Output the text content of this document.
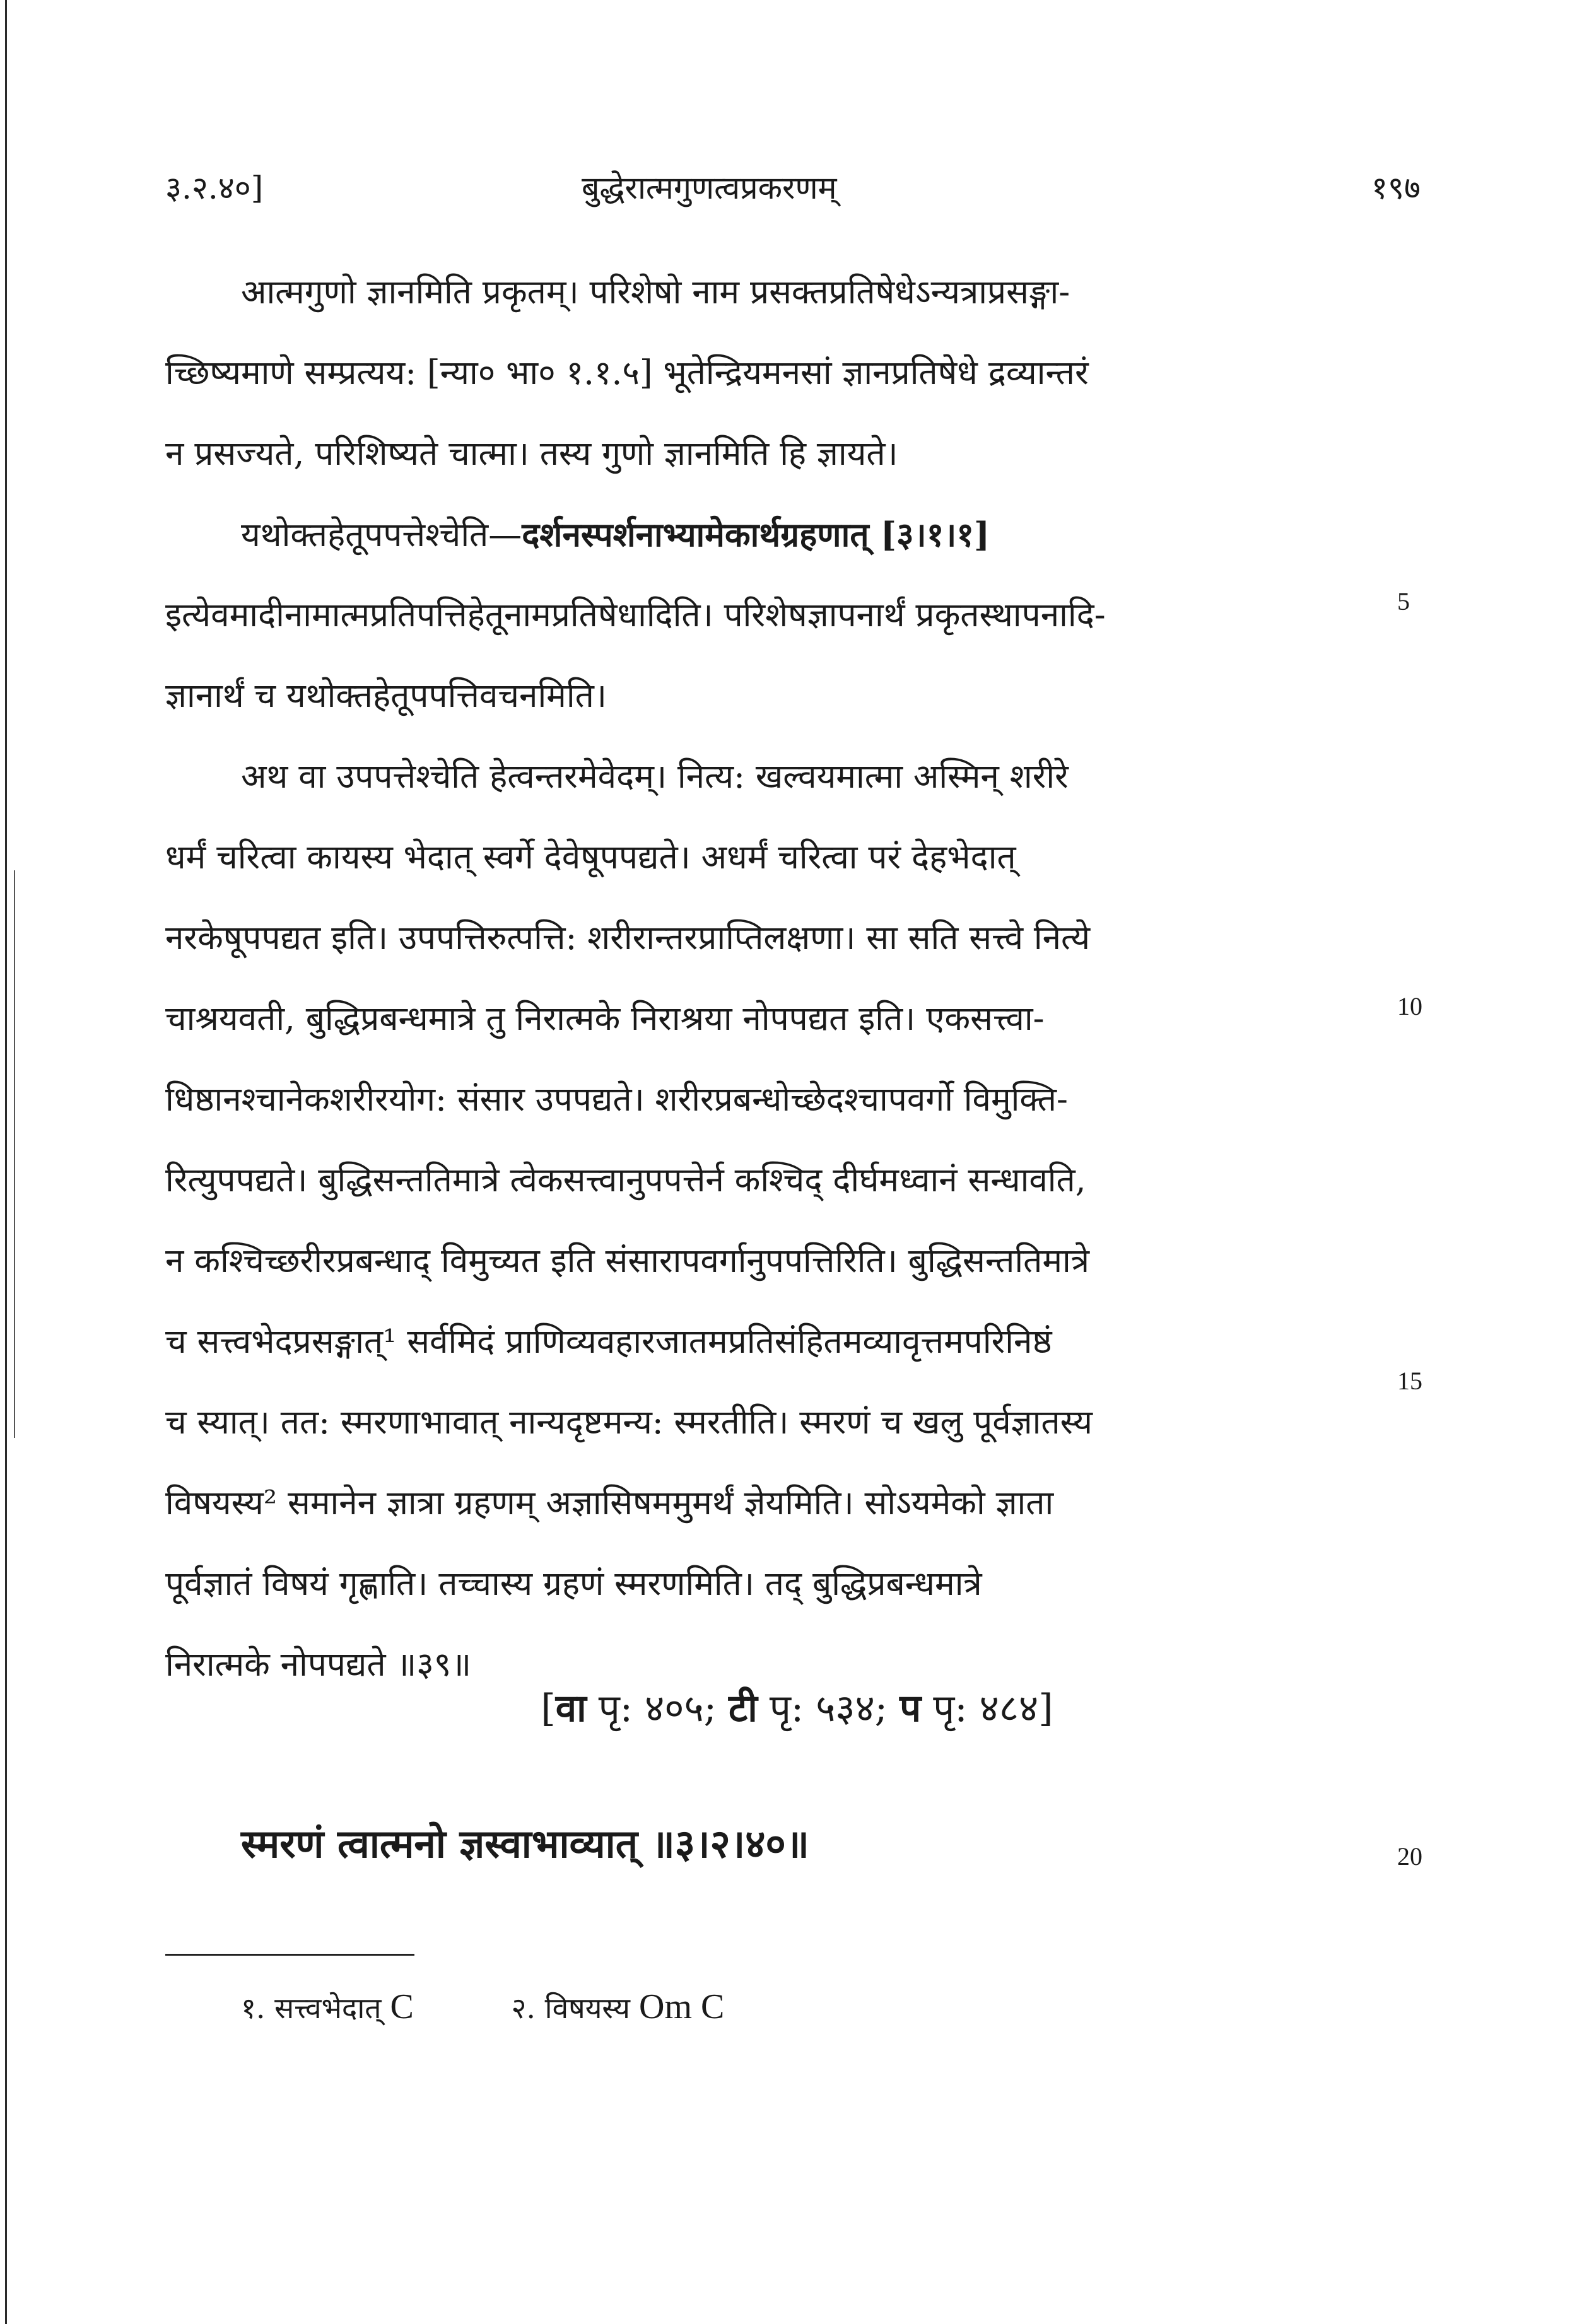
३.२.४०]	बुद्धेरात्मगुणत्वप्रकरणम्	१९७
आत्मगुणो ज्ञानमिति प्रकृतम्। परिशेषो नाम प्रसक्तप्रतिषेधेऽन्यत्राप्रसङ्गा-
च्छिष्यमाणे सम्प्रत्यय: [न्या० भा० १.१.५] भूतेन्द्रियमनसां ज्ञानप्रतिषेधे द्रव्यान्तरं
न प्रसज्यते, परिशिष्यते चात्मा। तस्य गुणो ज्ञानमिति हि ज्ञायते।
यथोक्तहेतूपपत्तेश्चेति—दर्शनस्पर्शनाभ्यामेकार्थग्रहणात् [३।१।१]
इत्येवमादीनामात्मप्रतिपत्तिहेतूनामप्रतिषेधादिति। परिशेषज्ञापनार्थं प्रकृतस्थापनादि-
ज्ञानार्थं च यथोक्तहेतूपपत्तिवचनमिति।
अथ वा उपपत्तेश्चेति हेत्वन्तरमेवेदम्। नित्य: खल्वयमात्मा अस्मिन् शरीरे
धर्मं चरित्वा कायस्य भेदात् स्वर्गे देवेषूपपद्यते। अधर्मं चरित्वा परं देहभेदात्
नरकेषूपपद्यत इति। उपपत्तिरुत्पत्ति: शरीरान्तरप्राप्तिलक्षणा। सा सति सत्त्वे नित्ये
चाश्रयवती, बुद्धिप्रबन्धमात्रे तु निरात्मके निराश्रया नोपपद्यत इति। एकसत्त्वा-
धिष्ठानश्चानेकशरीरयोग: संसार उपपद्यते। शरीरप्रबन्धोच्छेदश्चापवर्गो विमुक्ति-
रित्युपपद्यते। बुद्धिसन्ततिमात्रे त्वेकसत्त्वानुपपत्तेर्न कश्चिद् दीर्घमध्वानं सन्धावति,
न कश्चिच्छरीरप्रबन्धाद् विमुच्यत इति संसारापवर्गानुपपत्तिरिति। बुद्धिसन्ततिमात्रे
च सत्त्वभेदप्रसङ्गात्¹ सर्वमिदं प्राणिव्यवहारजातमप्रतिसंहितमव्यावृत्तमपरिनिष्ठं
च स्यात्। तत: स्मरणाभावात् नान्यदृष्टमन्य: स्मरतीति। स्मरणं च खलु पूर्वज्ञातस्य
विषयस्य² समानेन ज्ञात्रा ग्रहणम् अज्ञासिषममुमर्थं ज्ञेयमिति। सोऽयमेको ज्ञाता
पूर्वज्ञातं विषयं गृह्णाति। तच्चास्य ग्रहणं स्मरणमिति। तद् बुद्धिप्रबन्धमात्रे
निरात्मके नोपपद्यते ॥३९॥
5
10
15
20
[वा पृ: ४०५; टी पृ: ५३४; प पृ: ४८४]
स्मरणं त्वात्मनो ज्ञस्वाभाव्यात् ॥३।२।४०॥
१. सत्त्वभेदात् C	२. विषयस्य Om C
